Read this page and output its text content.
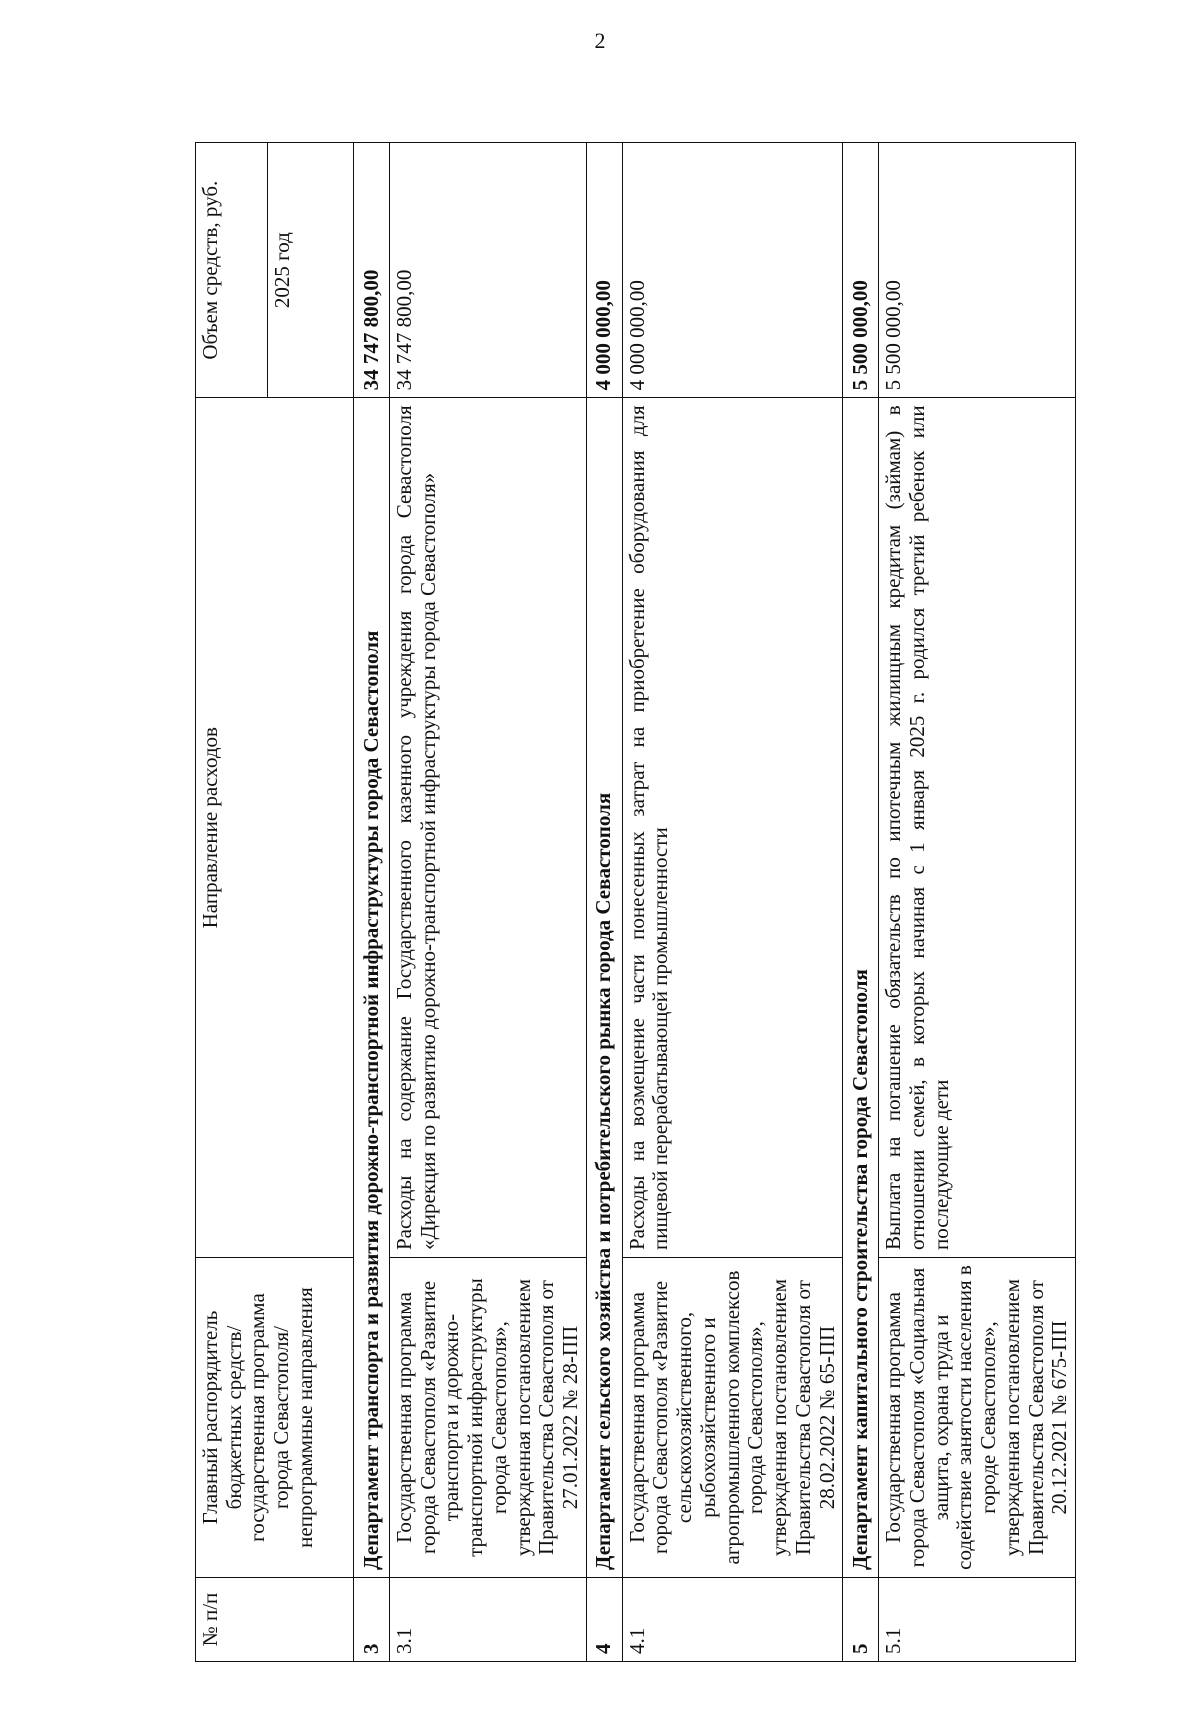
2
№ п/п	Главный распорядитель бюджетных средств/государственная программа города Севастополя/непрограммные направления	Направление расходов	Объем средств, руб.
			2025 год
3	Департамент транспорта и развития дорожно-транспортной инфраструктуры города Севастополя		34 747 800,00
3.1	Государственная программа города Севастополя «Развитие транспорта и дорожно-транспортной инфраструктуры города Севастополя», утвержденная постановлением Правительства Севастополя от 27.01.2022 № 28-ПП	Расходы на содержание Государственного казенного учреждения города Севастополя «Дирекция по развитию дорожно-транспортной инфраструктуры города Севастополя»	34 747 800,00
4	Департамент сельского хозяйства и потребительского рынка города Севастополя		4 000 000,00
4.1	Государственная программа города Севастополя «Развитие сельскохозяйственного, рыбохозяйственного и агропромышленного комплексов города Севастополя», утвержденная постановлением Правительства Севастополя от 28.02.2022 № 65-ПП	Расходы на возмещение части понесенных затрат на приобретение оборудования для пищевой перерабатывающей промышленности	4 000 000,00
5	Департамент капитального строительства города Севастополя		5 500 000,00
5.1	Государственная программа города Севастополя «Социальная защита, охрана труда и содействие занятости населения в городе Севастополе», утвержденная постановлением Правительства Севастополя от 20.12.2021 № 675-ПП	Выплата на погашение обязательств по ипотечным жилищным кредитам (займам) в отношении семей, в которых начиная с 1 января 2025 г. родился третий ребенок или последующие дети	5 500 000,00
